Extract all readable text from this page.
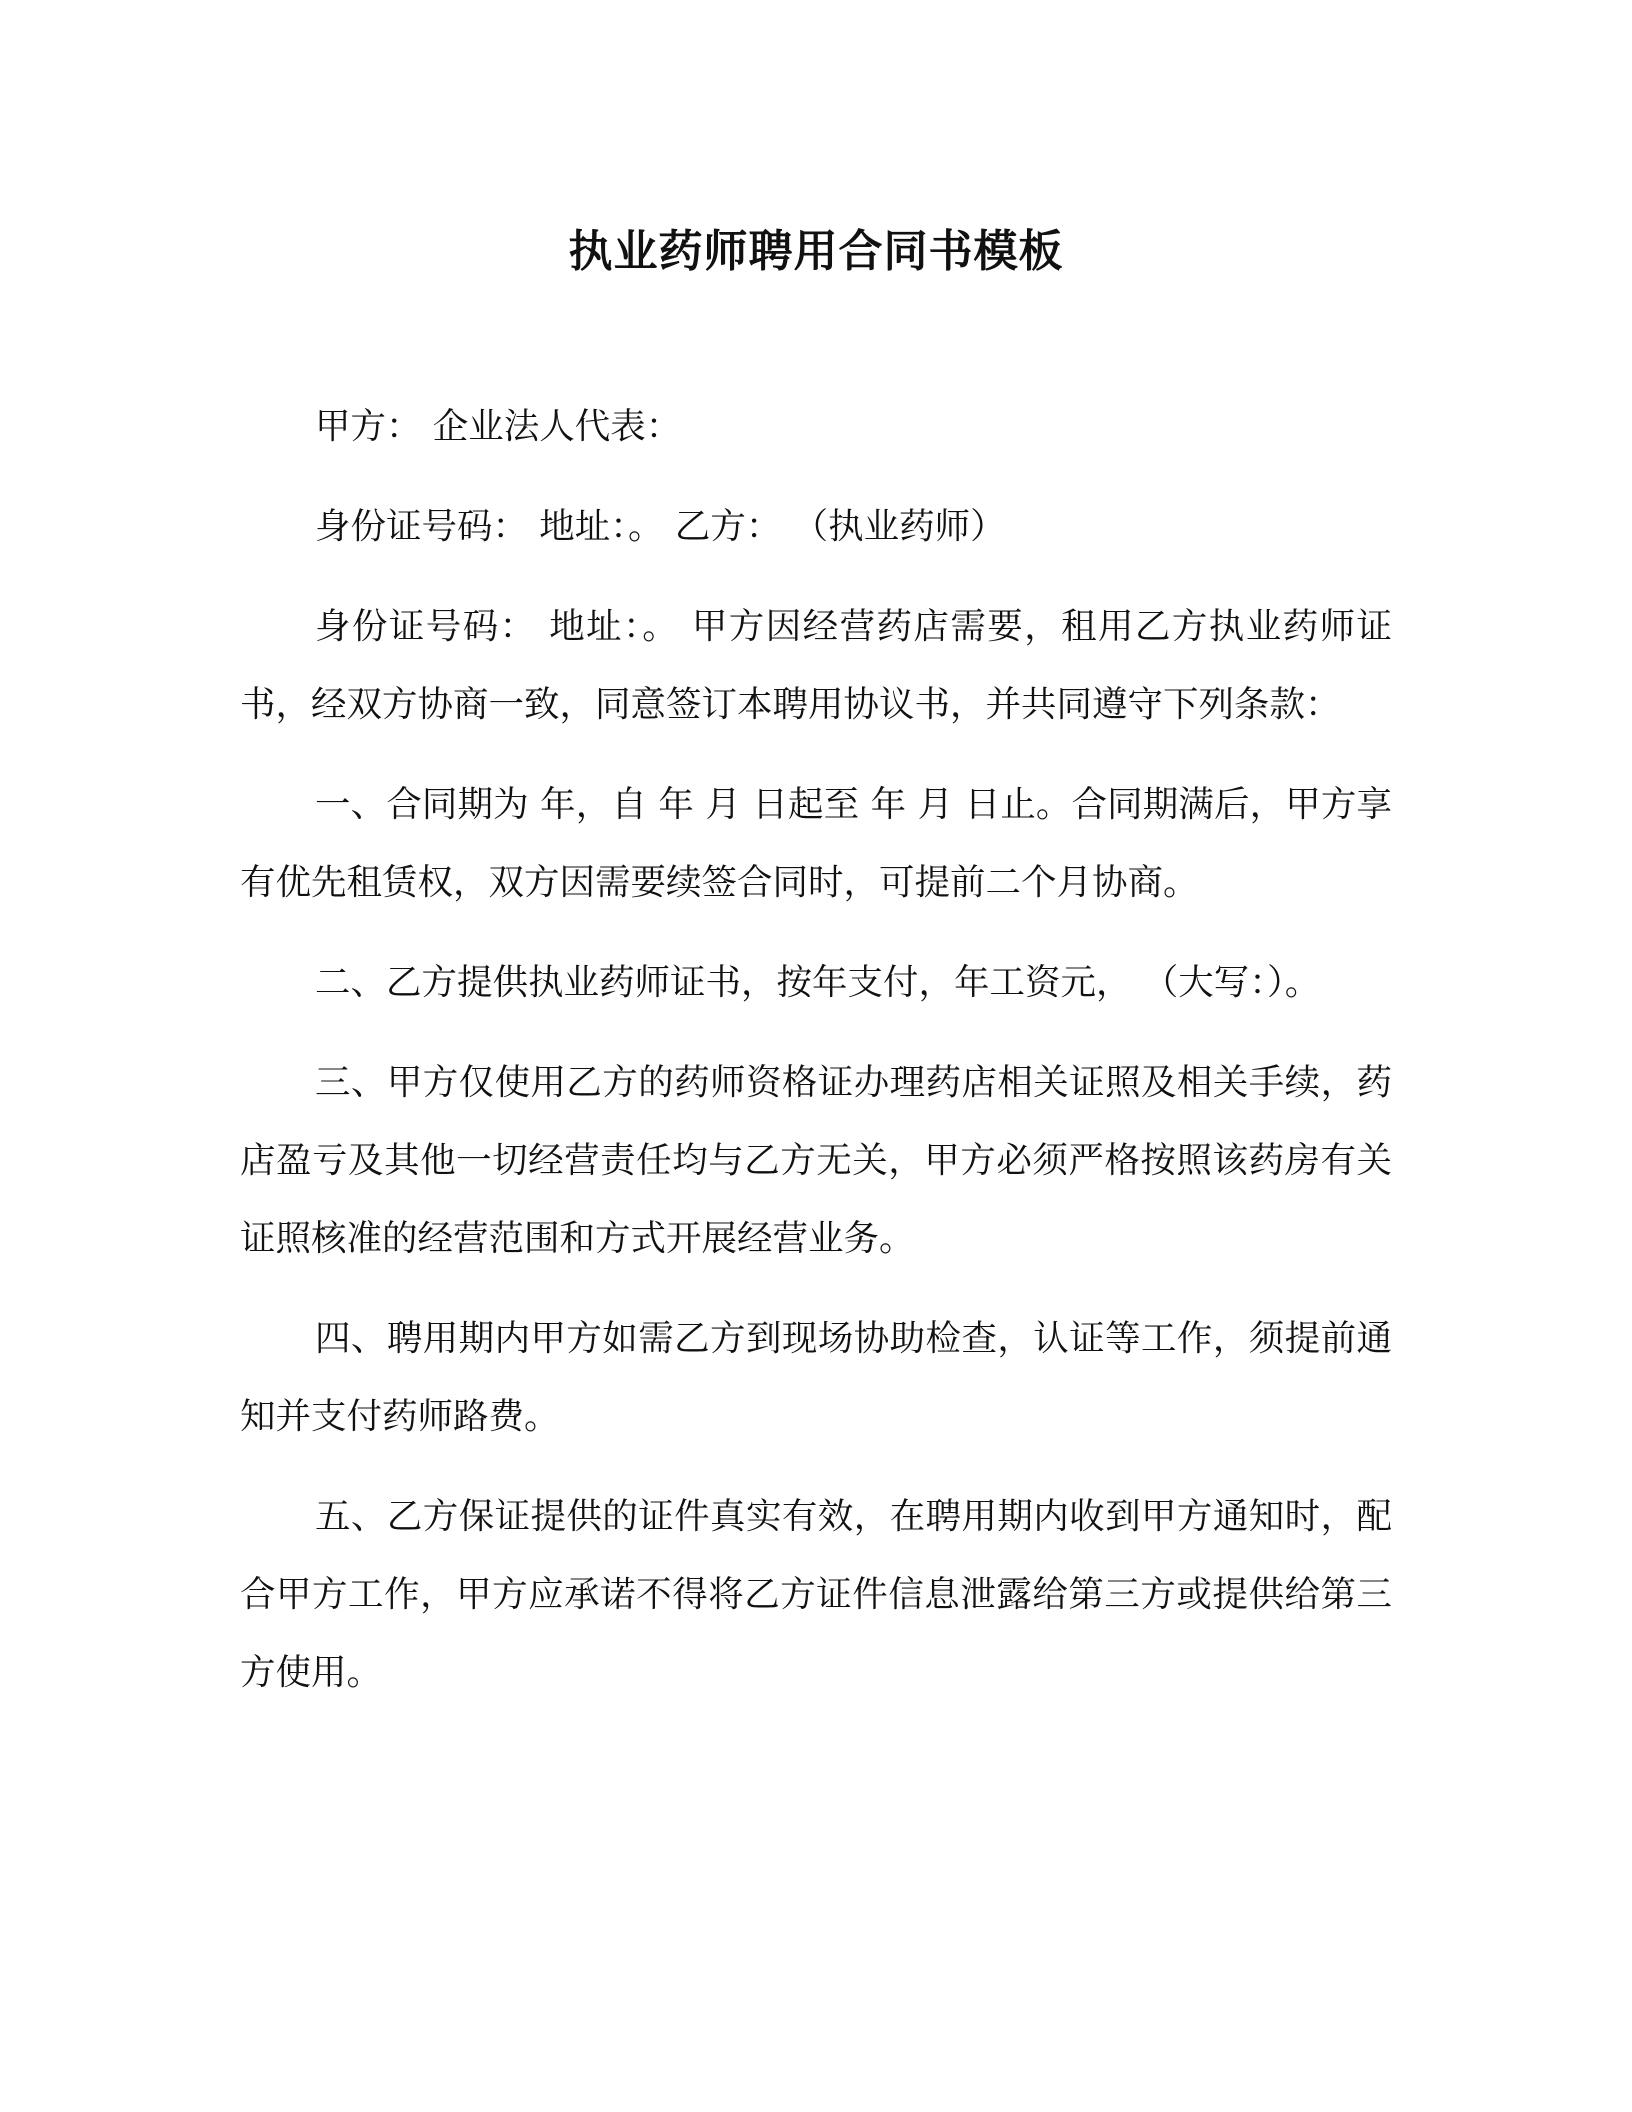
执业药师聘用合同书模板

甲方： 企业法人代表：

身份证号码： 地址：。 乙方： （执业药师）

身份证号码： 地址：。 甲方因经营药店需要，租用乙方执业药师证书，经双方协商一致，同意签订本聘用协议书，并共同遵守下列条款：

一、合同期为 年，自 年 月 日起至 年 月 日止。合同期满后，甲方享有优先租赁权，双方因需要续签合同时，可提前二个月协商。

二、乙方提供执业药师证书，按年支付，年工资元， （大写：）。

三、甲方仅使用乙方的药师资格证办理药店相关证照及相关手续，药店盈亏及其他一切经营责任均与乙方无关，甲方必须严格按照该药房有关证照核准的经营范围和方式开展经营业务。

四、聘用期内甲方如需乙方到现场协助检查，认证等工作，须提前通知并支付药师路费。

五、乙方保证提供的证件真实有效，在聘用期内收到甲方通知时，配合甲方工作，甲方应承诺不得将乙方证件信息泄露给第三方或提供给第三方使用。
